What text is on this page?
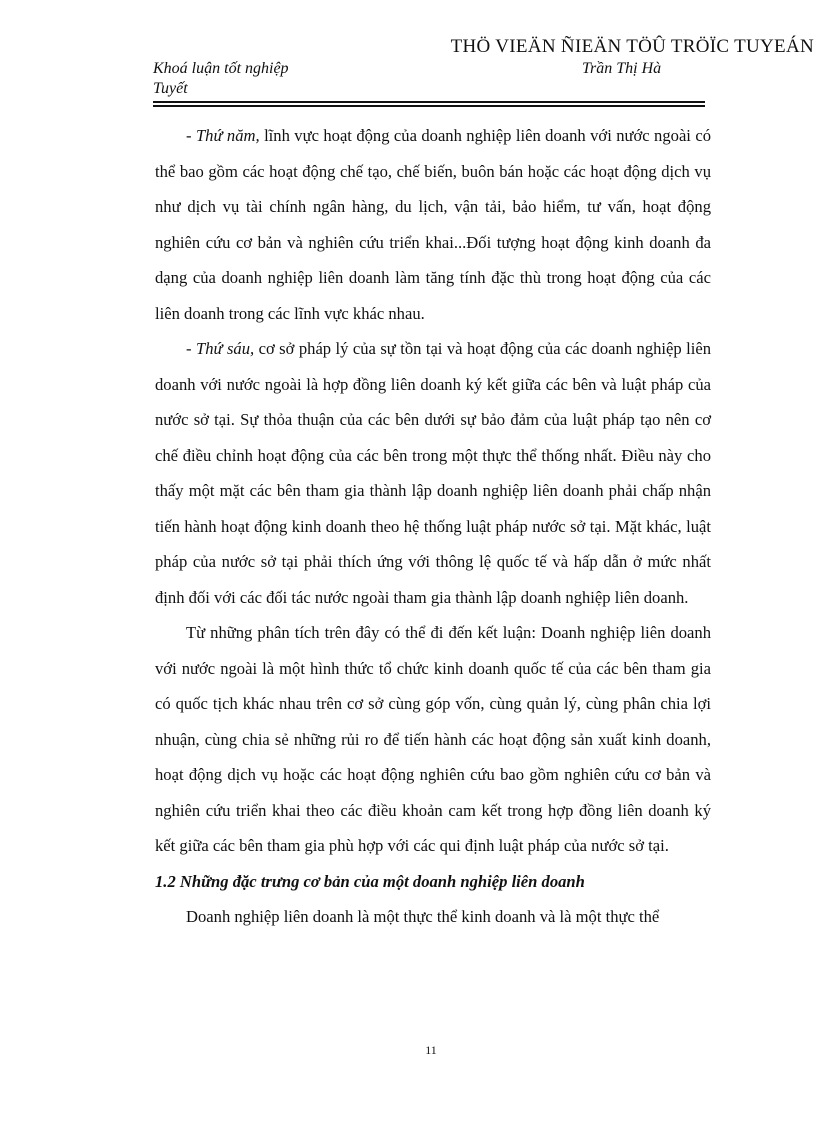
THÖ VIEÄN ÑIEÄN TÖÛ TRÖÏC TUYEÁN
Khoá luận tốt nghiệp	Trần Thị Hà
Tuyết

- Thứ năm, lĩnh vực hoạt động của doanh nghiệp liên doanh với nước ngoài có thể bao gồm các hoạt động chế tạo, chế biến, buôn bán hoặc các hoạt động dịch vụ như dịch vụ tài chính ngân hàng, du lịch, vận tải, bảo hiểm, tư vấn, hoạt động nghiên cứu cơ bản và nghiên cứu triển khai...Đối tượng hoạt động kinh doanh đa dạng của doanh nghiệp liên doanh làm tăng tính đặc thù trong hoạt động của các liên doanh trong các lĩnh vực khác nhau.

- Thứ sáu, cơ sở pháp lý của sự tồn tại và hoạt động của các doanh nghiệp liên doanh với nước ngoài là hợp đồng liên doanh ký kết giữa các bên và luật pháp của nước sở tại. Sự thỏa thuận của các bên dưới sự bảo đảm của luật pháp tạo nên cơ chế điều chỉnh hoạt động của các bên trong một thực thể thống nhất. Điều này cho thấy một mặt các bên tham gia thành lập doanh nghiệp liên doanh phải chấp nhận tiến hành hoạt động kinh doanh theo hệ thống luật pháp nước sở tại. Mặt khác, luật pháp của nước sở tại phải thích ứng với thông lệ quốc tế và hấp dẫn ở mức nhất định đối với các đối tác nước ngoài tham gia thành lập doanh nghiệp liên doanh.

Từ những phân tích trên đây có thể đi đến kết luận: Doanh nghiệp liên doanh với nước ngoài là một hình thức tổ chức kinh doanh quốc tế của các bên tham gia có quốc tịch khác nhau trên cơ sở cùng góp vốn, cùng quản lý, cùng phân chia lợi nhuận, cùng chia sẻ những rủi ro để tiến hành các hoạt động sản xuất kinh doanh, hoạt động dịch vụ hoặc các hoạt động nghiên cứu bao gồm nghiên cứu cơ bản và nghiên cứu triển khai theo các điều khoản cam kết trong hợp đồng liên doanh ký kết giữa các bên tham gia phù hợp với các qui định luật pháp của nước sở tại.

1.2 Những đặc trưng cơ bản của một doanh nghiệp liên doanh

Doanh nghiệp liên doanh là một thực thể kinh doanh và là một thực thể

11
